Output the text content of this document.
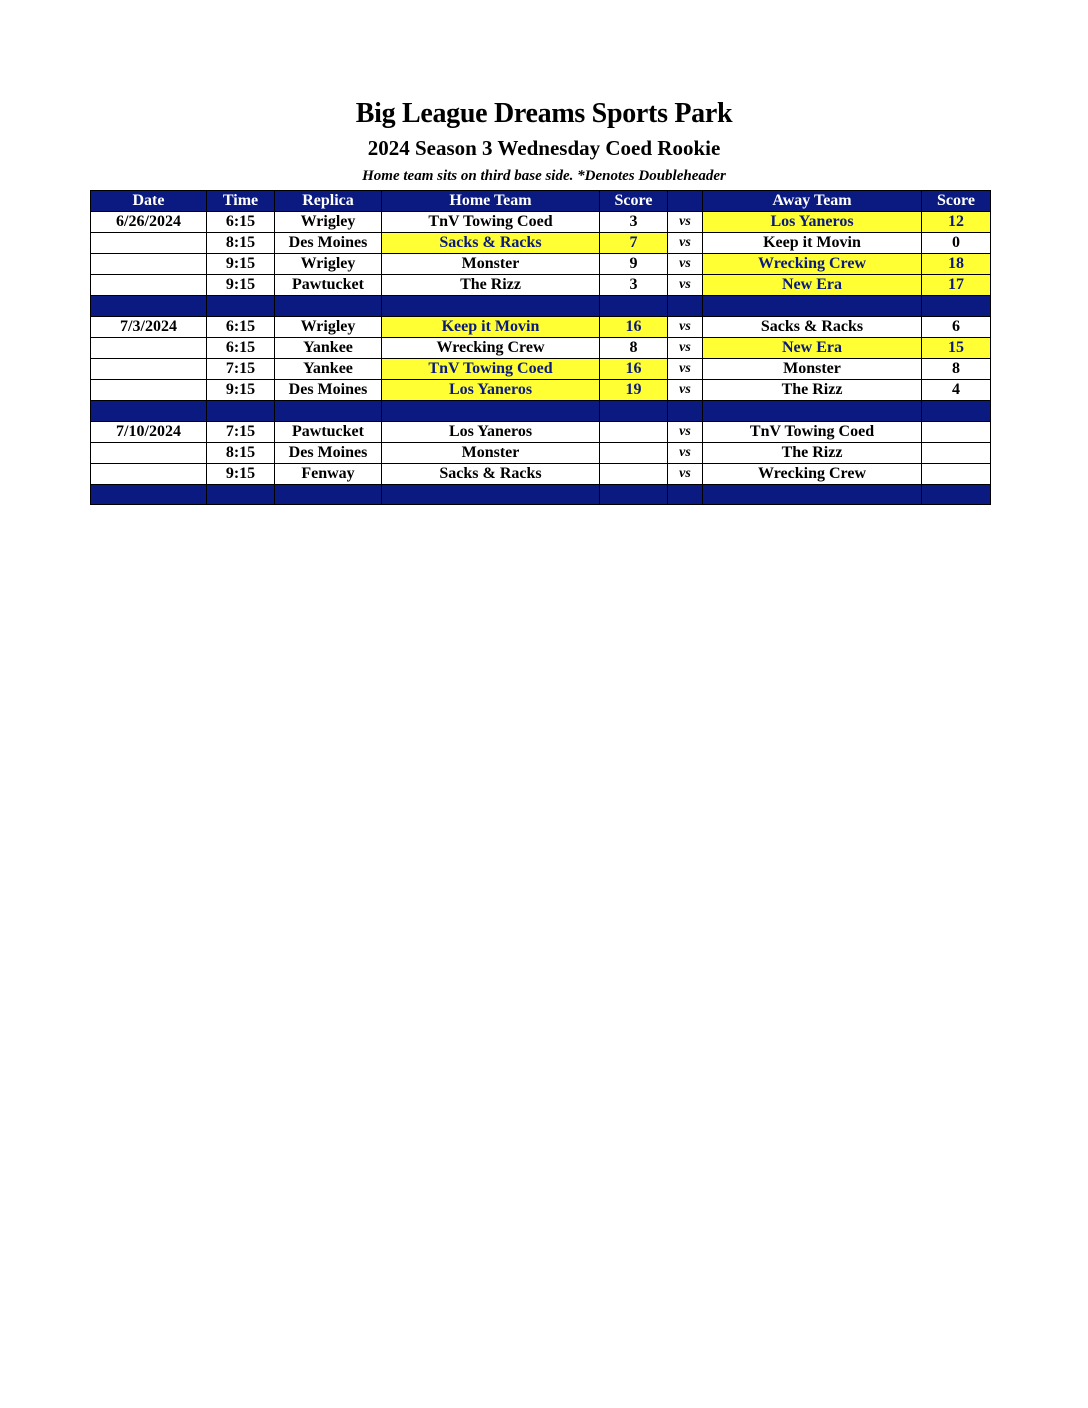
Big League Dreams Sports Park
2024 Season 3 Wednesday Coed Rookie
Home team sits on third base side. *Denotes Doubleheader
Date	Time	Replica	Home Team	Score		Away Team	Score
6/26/2024	6:15	Wrigley	TnV Towing Coed	3	vs	Los Yaneros	12
	8:15	Des Moines	Sacks & Racks	7	vs	Keep it Movin	0
	9:15	Wrigley	Monster	9	vs	Wrecking Crew	18
	9:15	Pawtucket	The Rizz	3	vs	New Era	17

7/3/2024	6:15	Wrigley	Keep it Movin	16	vs	Sacks & Racks	6
	6:15	Yankee	Wrecking Crew	8	vs	New Era	15
	7:15	Yankee	TnV Towing Coed	16	vs	Monster	8
	9:15	Des Moines	Los Yaneros	19	vs	The Rizz	4

7/10/2024	7:15	Pawtucket	Los Yaneros		vs	TnV Towing Coed	
	8:15	Des Moines	Monster		vs	The Rizz	
	9:15	Fenway	Sacks & Racks		vs	Wrecking Crew	
